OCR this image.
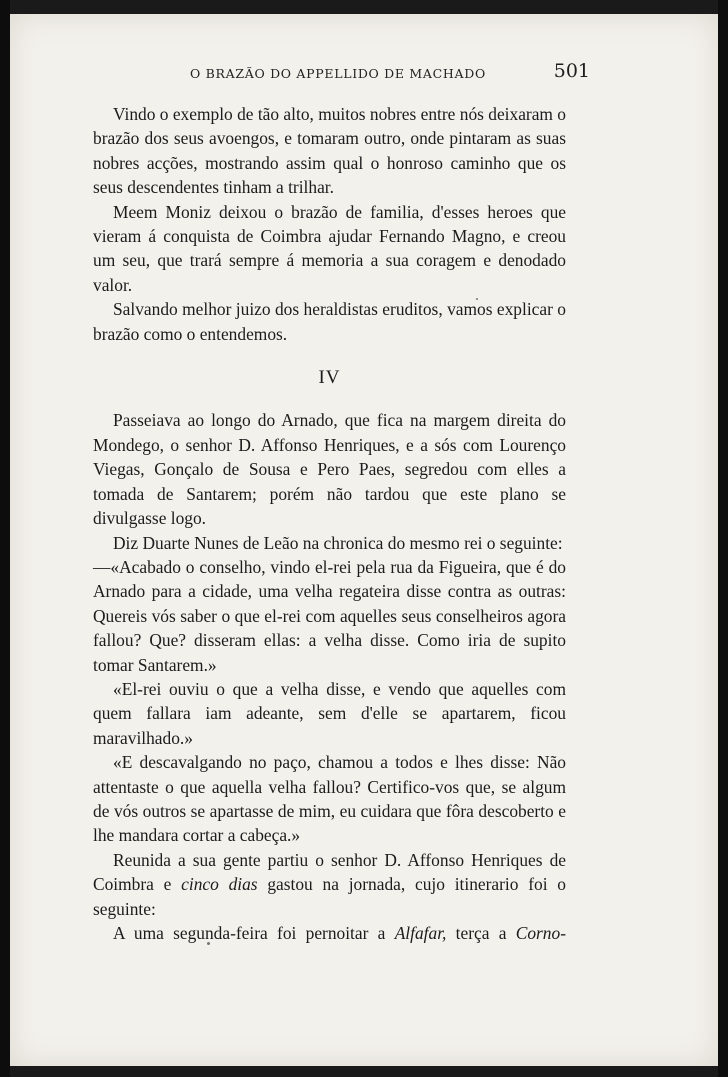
O BRAZÃO DO APPELLIDO DE MACHADO	501

Vindo o exemplo de tão alto, muitos nobres entre nós deixaram o brazão dos seus avoengos, e tomaram outro, onde pintaram as suas nobres acções, mostrando assim qual o honroso caminho que os seus descendentes tinham a trilhar.

Meem Moniz deixou o brazão de familia, d'esses heroes que vieram á conquista de Coimbra ajudar Fernando Magno, e creou um seu, que trará sempre á memoria a sua coragem e denodado valor.

Salvando melhor juizo dos heraldistas eruditos, vamos explicar o brazão como o entendemos.

IV

Passeiava ao longo do Arnado, que fica na margem direita do Mondego, o senhor D. Affonso Henriques, e a sós com Lourenço Viegas, Gonçalo de Sousa e Pero Paes, segredou com elles a tomada de Santarem; porém não tardou que este plano se divulgasse logo.

Diz Duarte Nunes de Leão na chronica do mesmo rei o seguinte:

—«Acabado o conselho, vindo el-rei pela rua da Figueira, que é do Arnado para a cidade, uma velha regateira disse contra as outras: Quereis vós saber o que el-rei com aquelles seus conselheiros agora fallou? Que? disseram ellas: a velha disse. Como iria de supito tomar Santarem.»

«El-rei ouviu o que a velha disse, e vendo que aquelles com quem fallara iam adeante, sem d'elle se apartarem, ficou maravilhado.»

«E descavalgando no paço, chamou a todos e lhes disse: Não attentaste o que aquella velha fallou? Certifico-vos que, se algum de vós outros se apartasse de mim, eu cuidara que fôra descoberto e lhe mandara cortar a cabeça.»

Reunida a sua gente partiu o senhor D. Affonso Henriques de Coimbra e cinco dias gastou na jornada, cujo itinerario foi o seguinte:

A uma segunda-feira foi pernoitar a Alfafar, terça a Corno-
